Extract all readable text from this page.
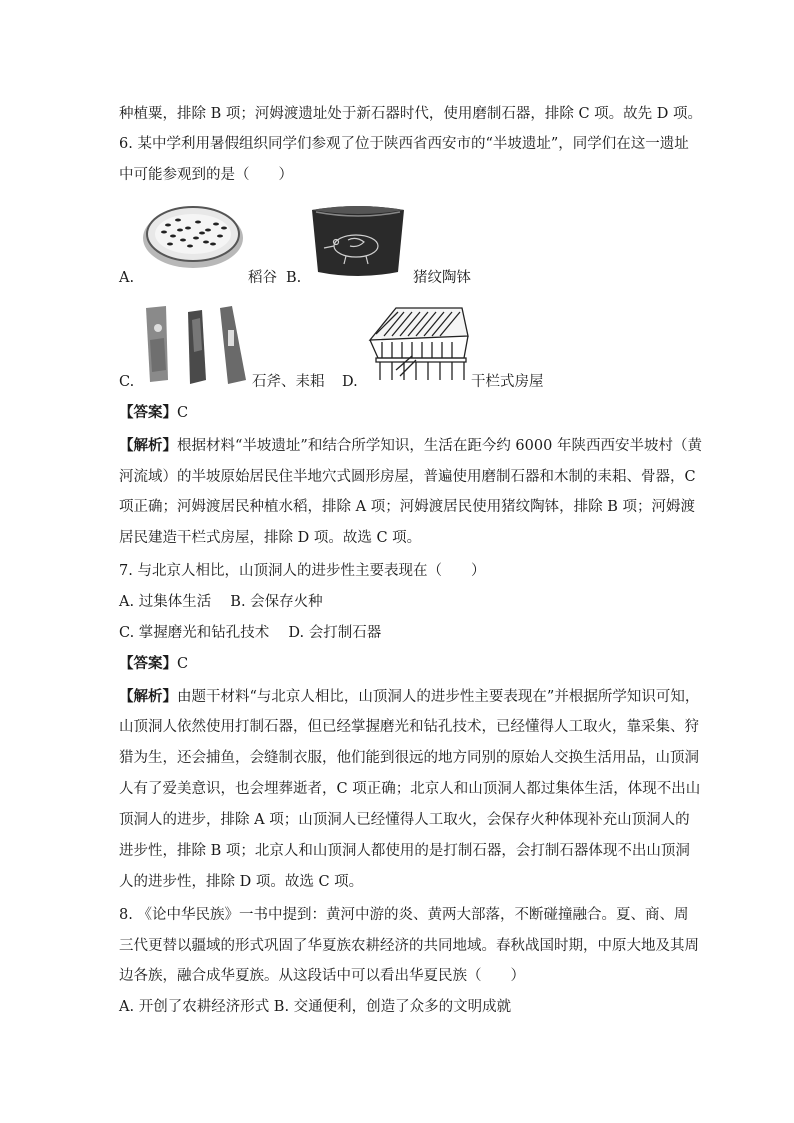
种植粟，排除 B 项；河姆渡遗址处于新石器时代，使用磨制石器，排除 C 项。故先 D 项。
6. 某中学利用暑假组织同学们参观了位于陕西省西安市的“半坡遗址”，同学们在这一遗址
中可能参观到的是（　　）
A.	稻谷 B.	猪纹陶钵
C.	石斧、耒耜 D.	干栏式房屋
【答案】C
【解析】根据材料“半坡遗址”和结合所学知识，生活在距今约 6000 年陕西西安半坡村（黄
河流域）的半坡原始居民住半地穴式圆形房屋，普遍使用磨制石器和木制的耒耜、骨器，C
项正确；河姆渡居民种植水稻，排除 A 项；河姆渡居民使用猪纹陶钵，排除 B 项；河姆渡
居民建造干栏式房屋，排除 D 项。故选 C 项。
7. 与北京人相比，山顶洞人的进步性主要表现在（　　）
A. 过集体生活　 B. 会保存火种
C. 掌握磨光和钻孔技术　 D. 会打制石器
【答案】C
【解析】由题干材料“与北京人相比，山顶洞人的进步性主要表现在”并根据所学知识可知，
山顶洞人依然使用打制石器，但已经掌握磨光和钻孔技术，已经懂得人工取火，靠采集、狩
猎为生，还会捕鱼，会缝制衣服，他们能到很远的地方同别的原始人交换生活用品，山顶洞
人有了爱美意识，也会埋葬逝者，C 项正确；北京人和山顶洞人都过集体生活，体现不出山
顶洞人的进步，排除 A 项；山顶洞人已经懂得人工取火，会保存火种体现补充山顶洞人的
进步性，排除 B 项；北京人和山顶洞人都使用的是打制石器，会打制石器体现不出山顶洞
人的进步性，排除 D 项。故选 C 项。
8. 《论中华民族》一书中提到：黄河中游的炎、黄两大部落，不断碰撞融合。夏、商、周
三代更替以疆域的形式巩固了华夏族农耕经济的共同地域。春秋战国时期，中原大地及其周
边各族，融合成华夏族。从这段话中可以看出华夏民族（　　）
A. 开创了农耕经济形式 B. 交通便利，创造了众多的文明成就
